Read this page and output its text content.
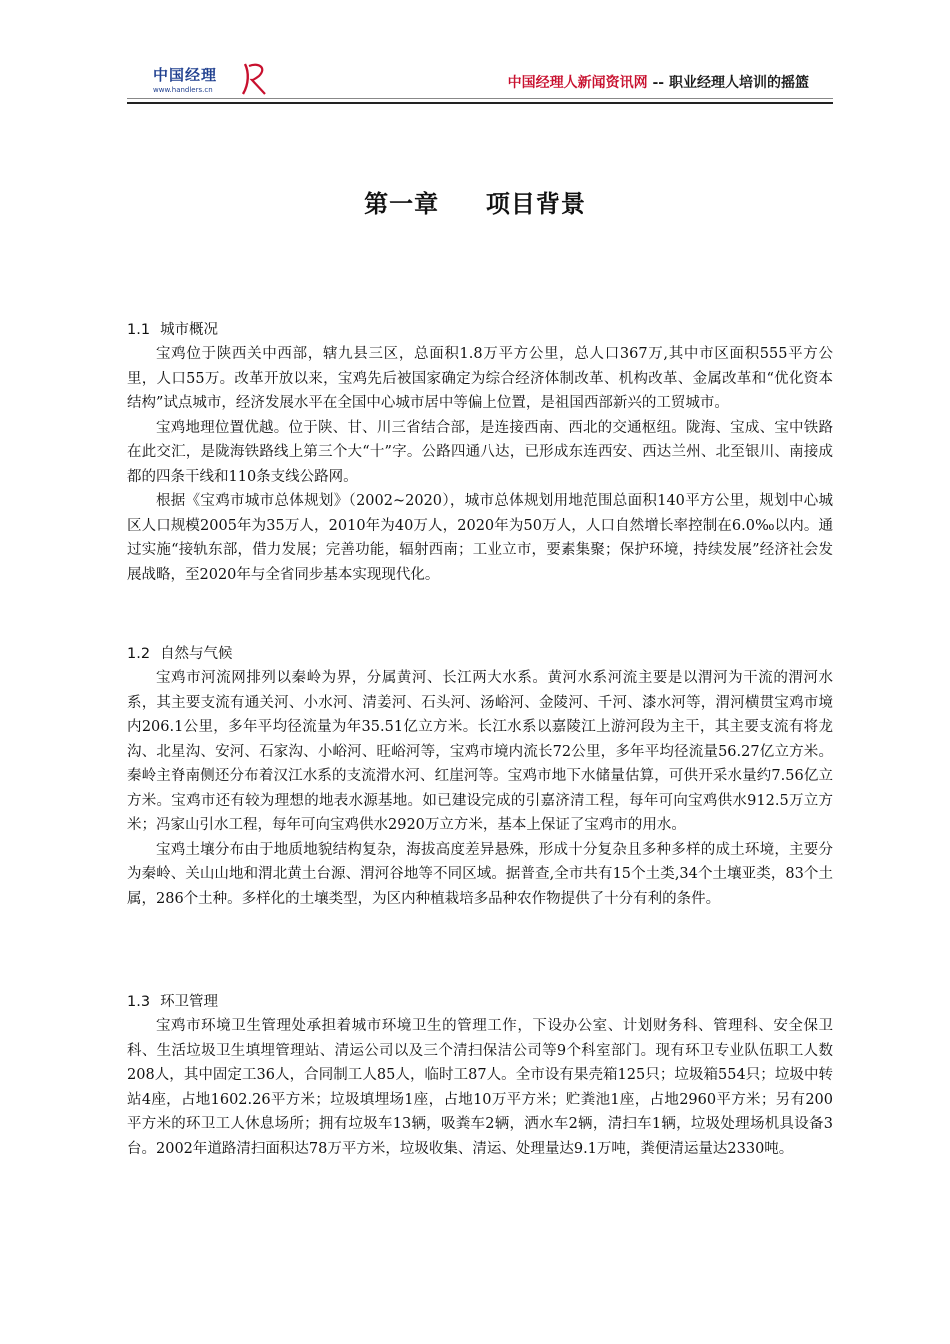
中国经理
www.handlers.cn	中国经理人新闻资讯网 -- 职业经理人培训的摇篮
第一章     项目背景
1.1 城市概况

宝鸡位于陕西关中西部，辖九县三区，总面积1.8万平方公里，总人口367万,其中市区面积555平方公里，人口55万。改革开放以来，宝鸡先后被国家确定为综合经济体制改革、机构改革、金属改革和“优化资本结构”试点城市，经济发展水平在全国中心城市居中等偏上位置，是祖国西部新兴的工贸城市。

宝鸡地理位置优越。位于陕、甘、川三省结合部，是连接西南、西北的交通枢纽。陇海、宝成、宝中铁路在此交汇，是陇海铁路线上第三个大“十”字。公路四通八达，已形成东连西安、西达兰州、北至银川、南接成都的四条干线和110条支线公路网。

根据《宝鸡市城市总体规划》（2002~2020），城市总体规划用地范围总面积140平方公里，规划中心城区人口规模2005年为35万人，2010年为40万人，2020年为50万人，人口自然增长率控制在6.0‰以内。通过实施“接轨东部，借力发展；完善功能，辐射西南；工业立市，要素集聚；保护环境，持续发展”经济社会发展战略，至2020年与全省同步基本实现现代化。

1.2 自然与气候

宝鸡市河流网排列以秦岭为界，分属黄河、长江两大水系。黄河水系河流主要是以渭河为干流的渭河水系，其主要支流有通关河、小水河、清姜河、石头河、汤峪河、金陵河、千河、漆水河等，渭河横贯宝鸡市境内206.1公里，多年平均径流量为年35.51亿立方米。长江水系以嘉陵江上游河段为主干，其主要支流有将龙沟、北星沟、安河、石家沟、小峪河、旺峪河等，宝鸡市境内流长72公里，多年平均径流量56.27亿立方米。秦岭主脊南侧还分布着汉江水系的支流滑水河、红崖河等。宝鸡市地下水储量估算，可供开采水量约7.56亿立方米。宝鸡市还有较为理想的地表水源基地。如已建设完成的引嘉济清工程，每年可向宝鸡供水912.5万立方米；冯家山引水工程，每年可向宝鸡供水2920万立方米，基本上保证了宝鸡市的用水。

宝鸡土壤分布由于地质地貌结构复杂，海拔高度差异悬殊，形成十分复杂且多种多样的成土环境，主要分为秦岭、关山山地和渭北黄土台源、渭河谷地等不同区域。据普查,全市共有15个土类,34个土壤亚类，83个土属，286个土种。多样化的土壤类型，为区内种植栽培多品种农作物提供了十分有利的条件。

1.3 环卫管理

宝鸡市环境卫生管理处承担着城市环境卫生的管理工作，下设办公室、计划财务科、管理科、安全保卫科、生活垃圾卫生填埋管理站、清运公司以及三个清扫保洁公司等9个科室部门。现有环卫专业队伍职工人数208人，其中固定工36人，合同制工人85人，临时工87人。全市设有果壳箱125只；垃圾箱554只；垃圾中转站4座，占地1602.26平方米；垃圾填埋场1座，占地10万平方米；贮粪池1座，占地2960平方米；另有200平方米的环卫工人休息场所；拥有垃圾车13辆，吸粪车2辆，洒水车2辆，清扫车1辆，垃圾处理场机具设备3台。2002年道路清扫面积达78万平方米，垃圾收集、清运、处理量达9.1万吨，粪便清运量达2330吨。
